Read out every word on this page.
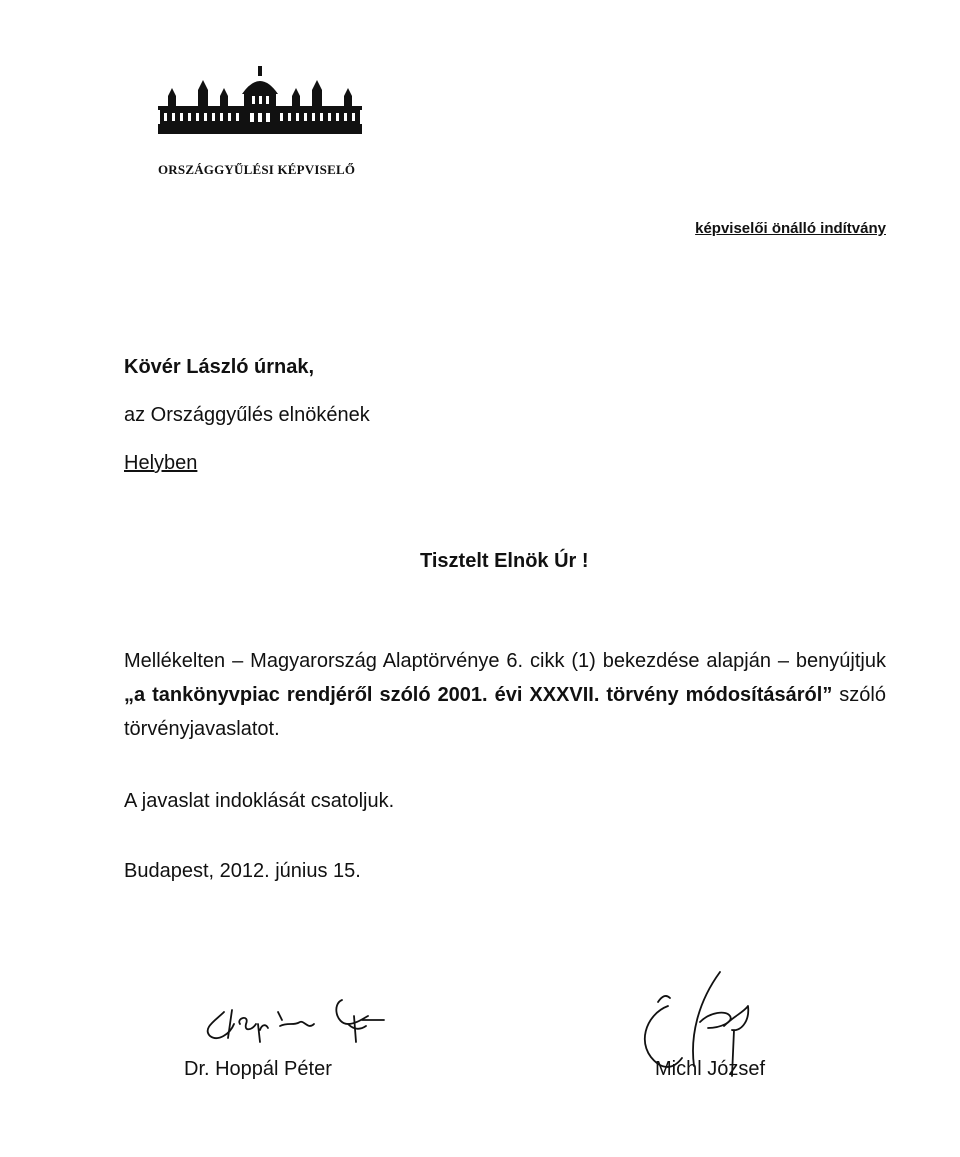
ORSZÁGGYŰLÉSI KÉPVISELŐ
képviselői önálló indítvány
Kövér László úrnak,
az Országgyűlés elnökének
Helyben
Tisztelt Elnök Úr !

Mellékelten – Magyarország Alaptörvénye 6. cikk (1) bekezdése alapján – benyújtjuk „a tankönyvpiac rendjéről szóló 2001. évi XXXVII. törvény módosításáról” szóló törvényjavaslatot.

A javaslat indoklását csatoljuk.
Budapest, 2012. június 15.
Dr. Hoppál Péter	Michl József
